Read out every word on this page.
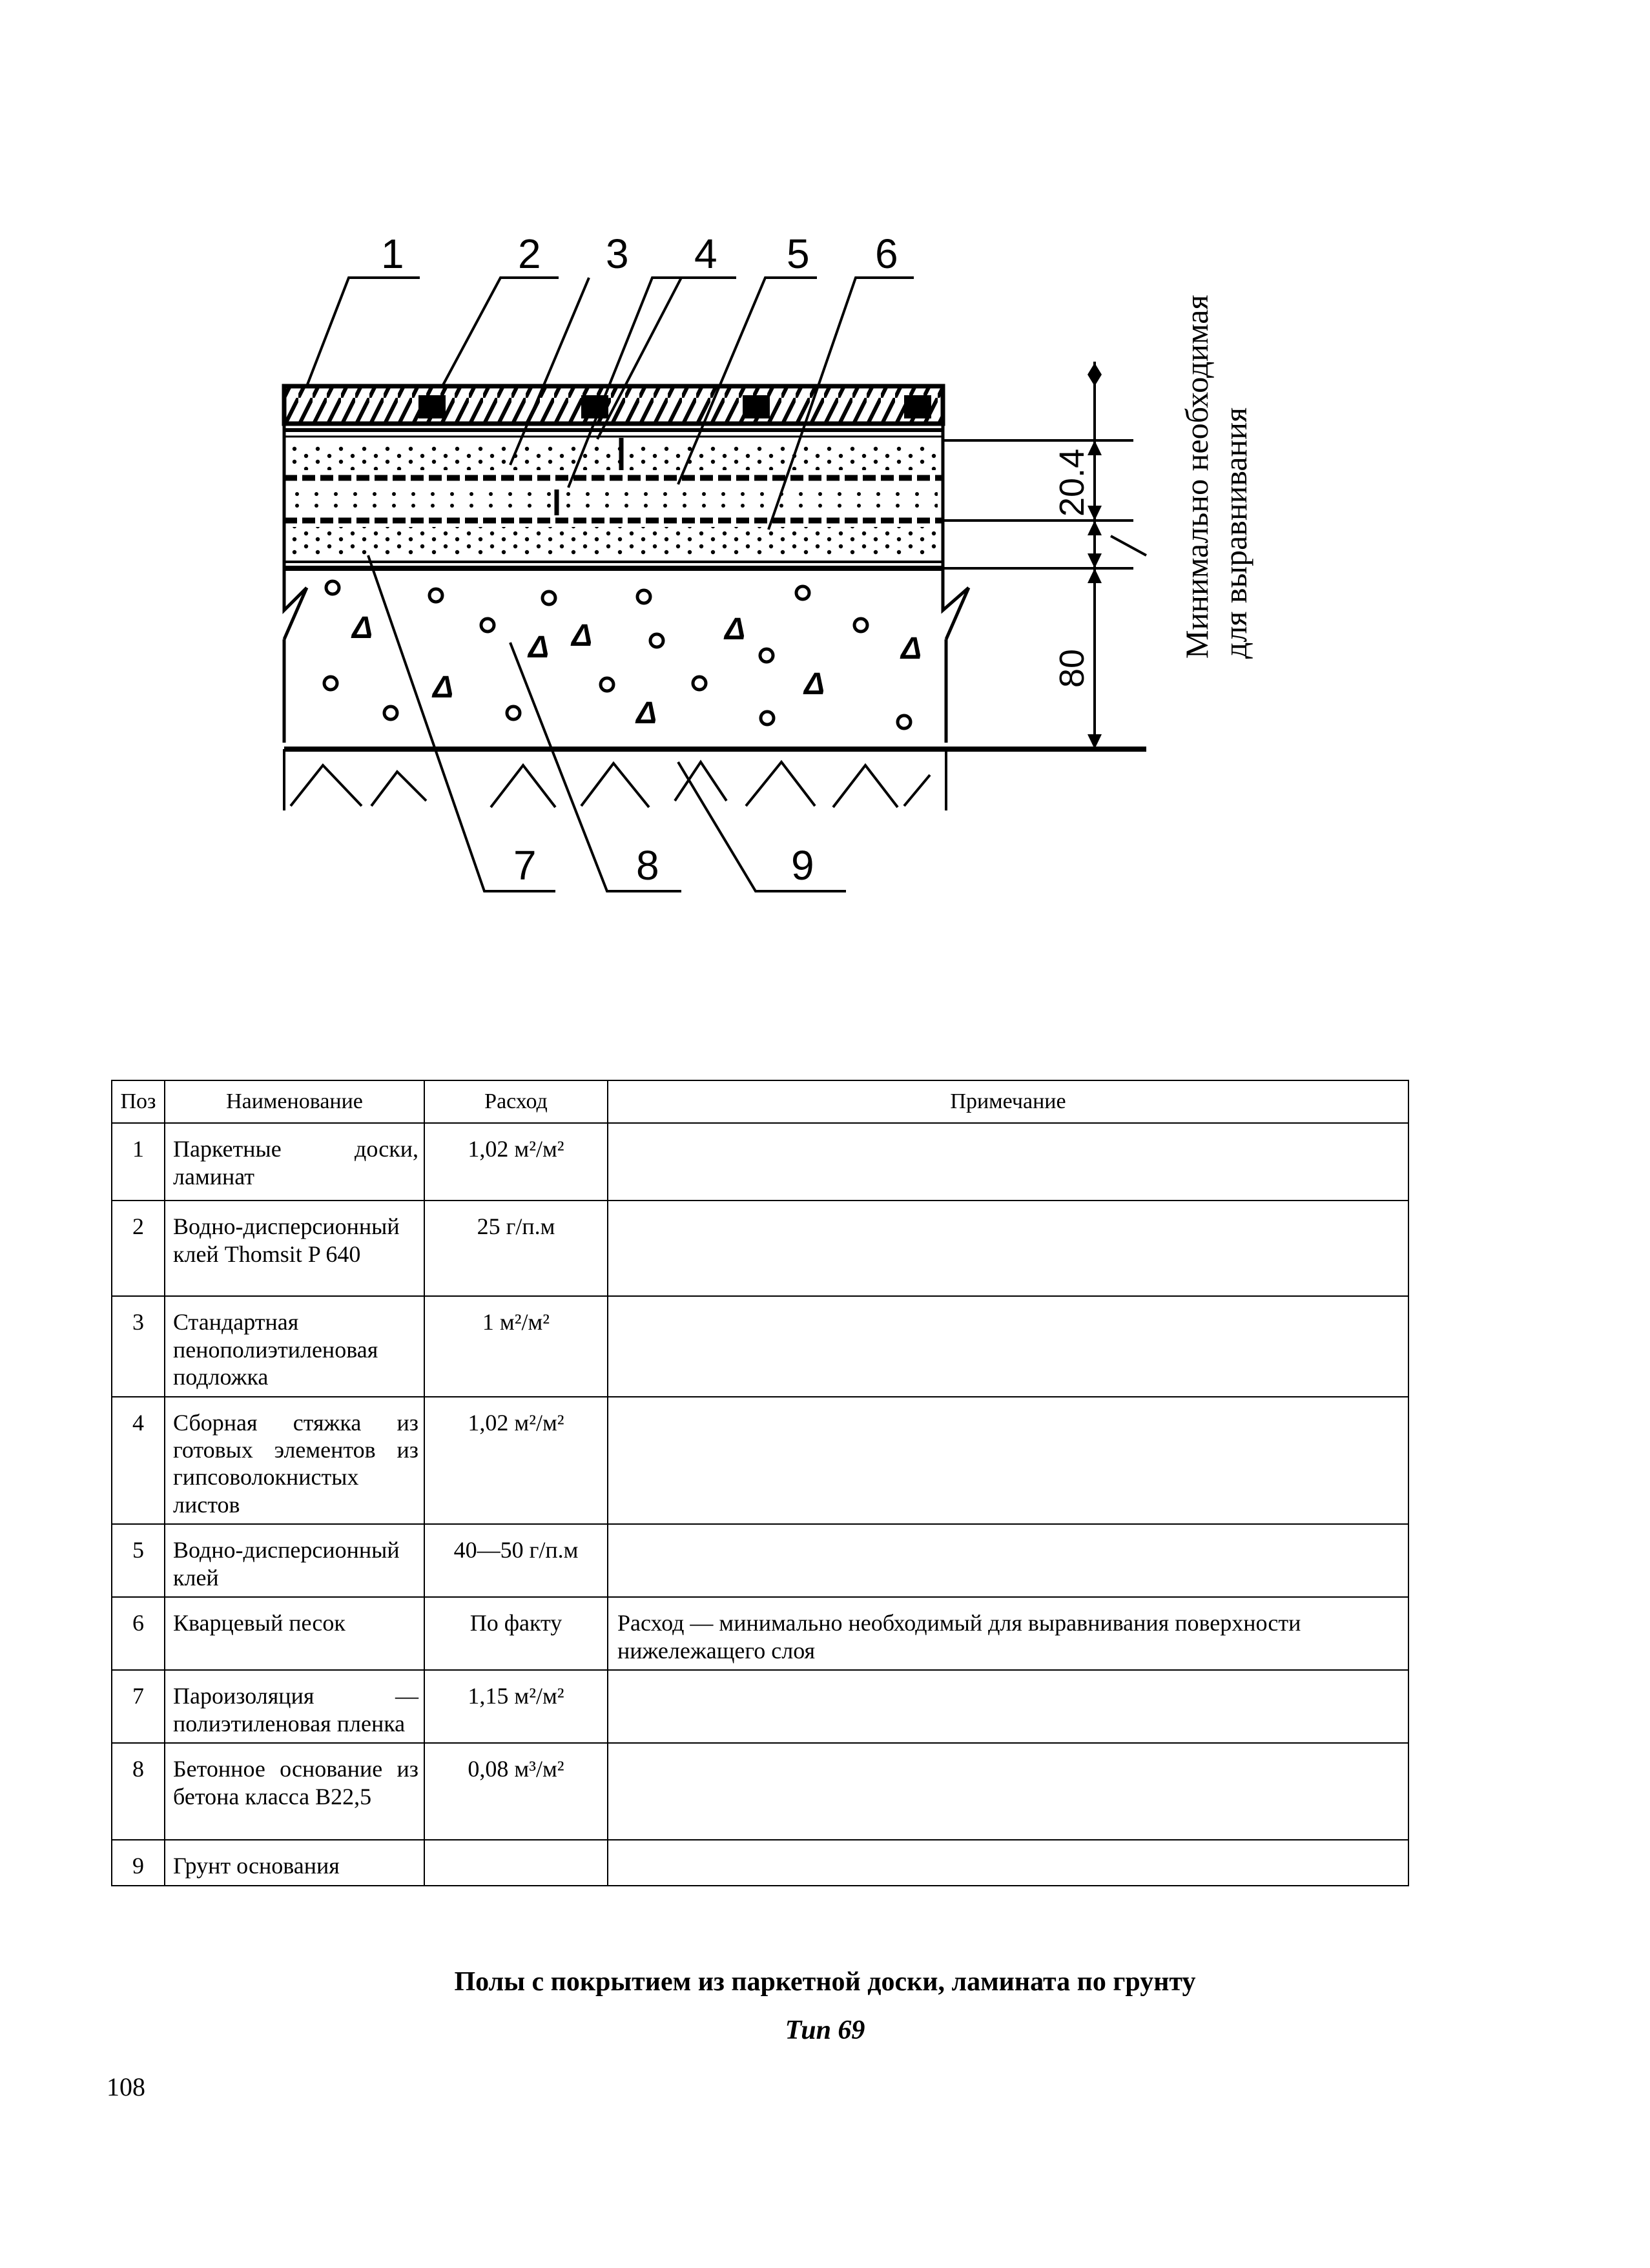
Δ
Δ
Δ Δ	Δ
Δ
Δ
Δ
1	2 3 4 5 6
7 8	9
20.4
80
Минимально необходимая для выравнивания
Поз	Наименование	Расход	Примечание
1	Паркетные доски, ламинат	1,02 м²/м²	
2	Водно-дисперсионный клей Thomsit P 640	25 г/п.м	
3	Стандартная пенополиэтиленовая подложка	1 м²/м²	
4	Сборная стяжка из готовых элементов из гипсоволокнистых листов	1,02 м²/м²	
5	Водно-дисперсионный клей	40—50 г/п.м	
6	Кварцевый песок	По факту	Расход — минимально необходимый для выравнивания поверхности нижележащего слоя
7	Пароизоляция — полиэтиленовая пленка	1,15 м²/м²	
8	Бетонное основание из бетона класса В22,5	0,08 м³/м²	
9	Грунт основания		
Полы с покрытием из паркетной доски, ламината по грунту
Тип 69
108
